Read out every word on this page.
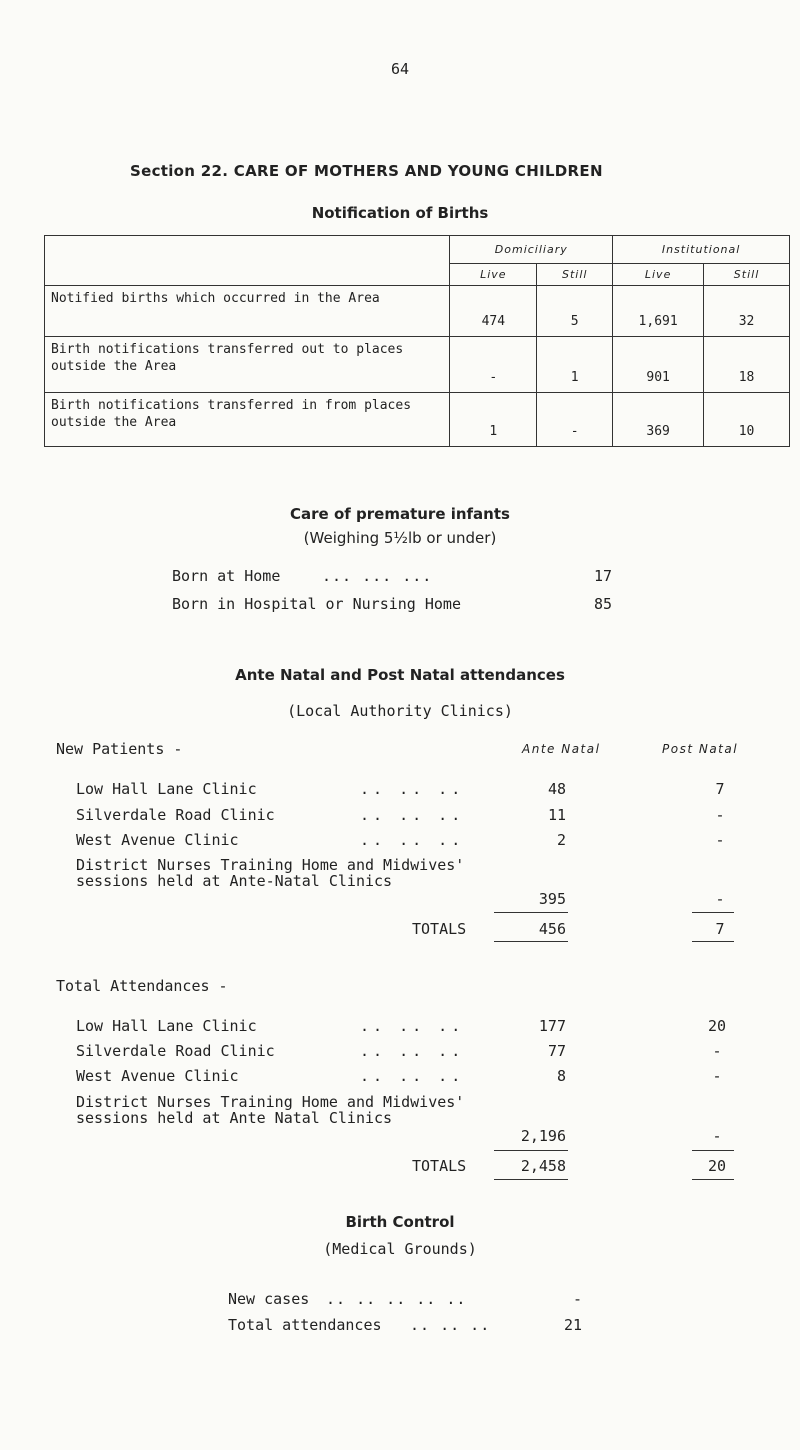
64
Section 22. CARE OF MOTHERS AND YOUNG CHILDREN
Notification of Births
	Domiciliary		Institutional	
	Live	Still	Live	Still
Notified births which occurred in the Area	474	5	1,691	32
Birth notifications transferred out to places outside the Area	-	1	901	18
Birth notifications transferred in from places outside the Area	1	-	369	10
Care of premature infants
(Weighing 5½lb or under)
Born at Home	... ... ...	17
Born in Hospital or Nursing Home	85
Ante Natal and Post Natal attendances
(Local Authority Clinics)
New Patients -	Ante Natal	Post Natal
Low Hall Lane Clinic	.. .. ..	48	7
Silverdale Road Clinic	.. .. ..	11	-
West Avenue Clinic	.. .. ..	2	-
District Nurses Training Home and Midwives' sessions held at Ante-Natal Clinics
395	-
TOTALS	456	7
Total Attendances -
Low Hall Lane Clinic	.. .. ..	177	20
Silverdale Road Clinic	.. .. ..	77	-
West Avenue Clinic	.. .. ..	8	-
District Nurses Training Home and Midwives' sessions held at Ante Natal Clinics
2,196	-
TOTALS	2,458	20
Birth Control
(Medical Grounds)
New cases .. .. .. .. ..	-
Total attendances .. .. ..	21
